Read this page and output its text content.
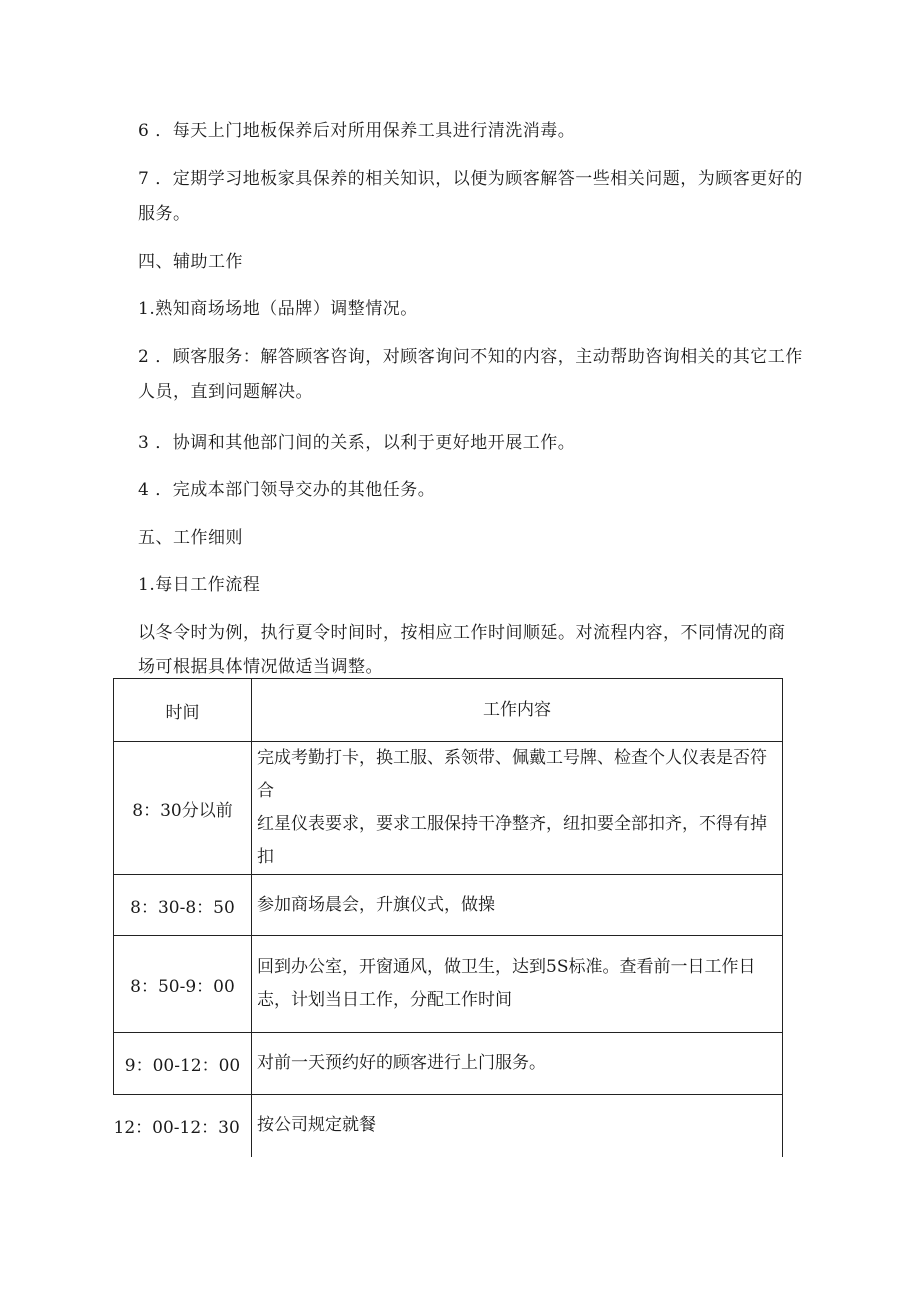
6 ．每天上门地板保养后对所用保养工具进行清洗消毒。
7 ．定期学习地板家具保养的相关知识，以便为顾客解答一些相关问题，为顾客更好的
服务。
四、辅助工作
1.熟知商场场地（品牌）调整情况。
2 ．顾客服务：解答顾客咨询，对顾客询问不知的内容，主动帮助咨询相关的其它工作
人员，直到问题解决。
3 ．协调和其他部门间的关系，以利于更好地开展工作。
4 ．完成本部门领导交办的其他任务。
五、工作细则
1.每日工作流程
以冬令时为例，执行夏令时间时，按相应工作时间顺延。对流程内容，不同情况的商
场可根据具体情况做适当调整。
时间	工作内容
8：30分以前	完成考勤打卡，换工服、系领带、佩戴工号牌、检查个人仪表是否符合
红星仪表要求，要求工服保持干净整齐，纽扣要全部扣齐，不得有掉扣

8：30-8：50	参加商场晨会，升旗仪式，做操

8：50-9：00	回到办公室，开窗通风，做卫生，达到5S标准。查看前一日工作日
志，计划当日工作，分配工作时间

9：00-12：00	对前一天预约好的顾客进行上门服务。

12：00-12：30	按公司规定就餐
